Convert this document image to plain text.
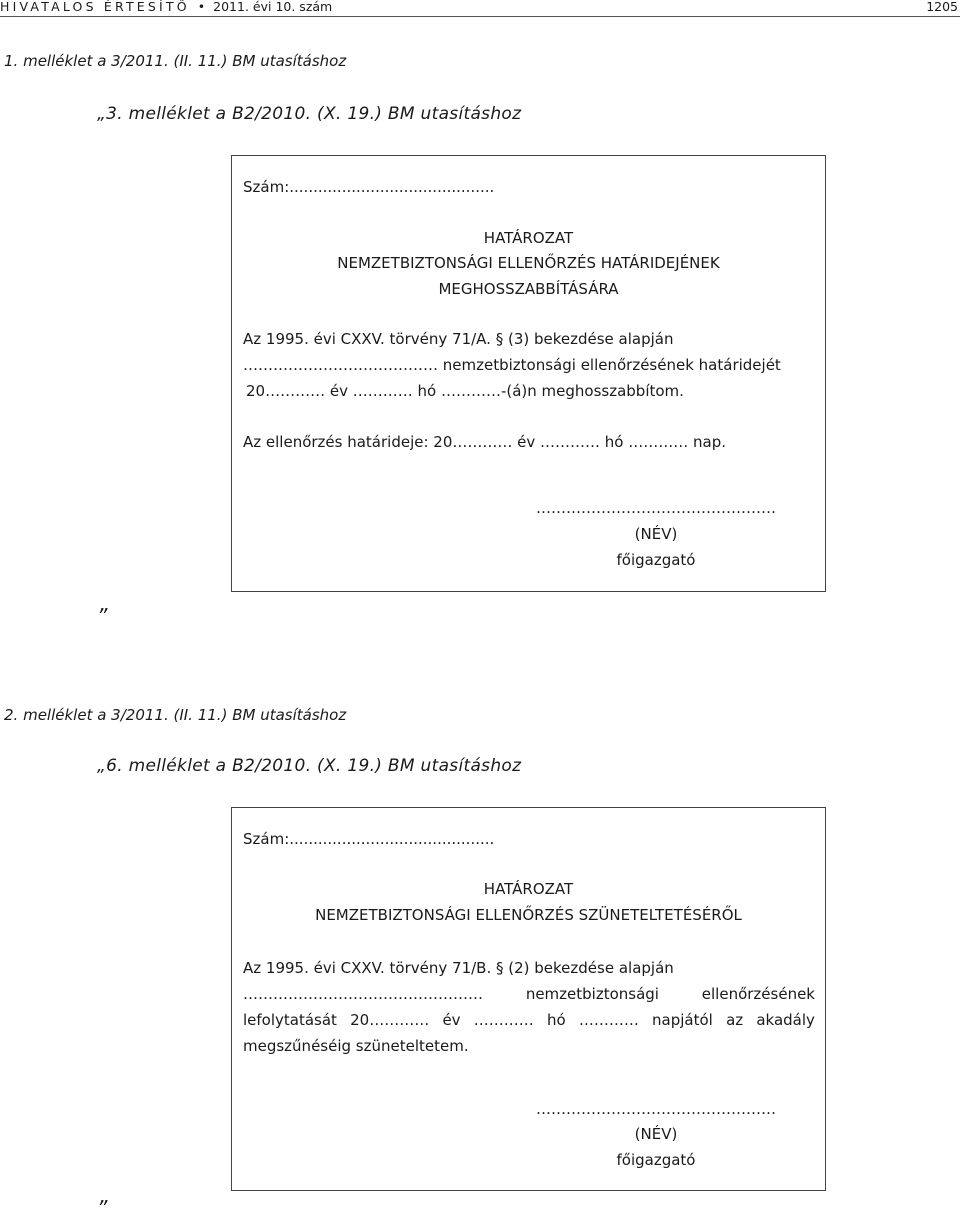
HIVATALOS ÉRTESÍTŐ • 2011. évi 10. szám	1205
1. melléklet a 3/2011. (II. 11.) BM utasításhoz
„3. melléklet a B2/2010. (X. 19.) BM utasításhoz
Szám:...........................................
HATÁROZAT
NEMZETBIZTONSÁGI ELLENŐRZÉS HATÁRIDEJÉNEK
MEGHOSSZABBÍTÁSÁRA
Az 1995. évi CXXV. törvény 71/A. § (3) bekezdése alapján
………………………………… nemzetbiztonsági ellenőrzésének határidejét
20………… év ………… hó …………-(á)n meghosszabbítom.
Az ellenőrzés határideje: 20………… év ………… hó ………… nap.
…………………………………………
(NÉV)
főigazgató
”
2. melléklet a 3/2011. (II. 11.) BM utasításhoz
„6. melléklet a B2/2010. (X. 19.) BM utasításhoz
Szám:...........................................
HATÁROZAT
NEMZETBIZTONSÁGI ELLENŐRZÉS SZÜNETELTETÉSÉRŐL
Az 1995. évi CXXV. törvény 71/B. § (2) bekezdése alapján
…………………………………………	nemzetbiztonsági	ellenőrzésének
lefolytatását 20………… év ………… hó ………… napjától az akadály
megszűnéséig szüneteltetem.
…………………………………………
(NÉV)
főigazgató
”
